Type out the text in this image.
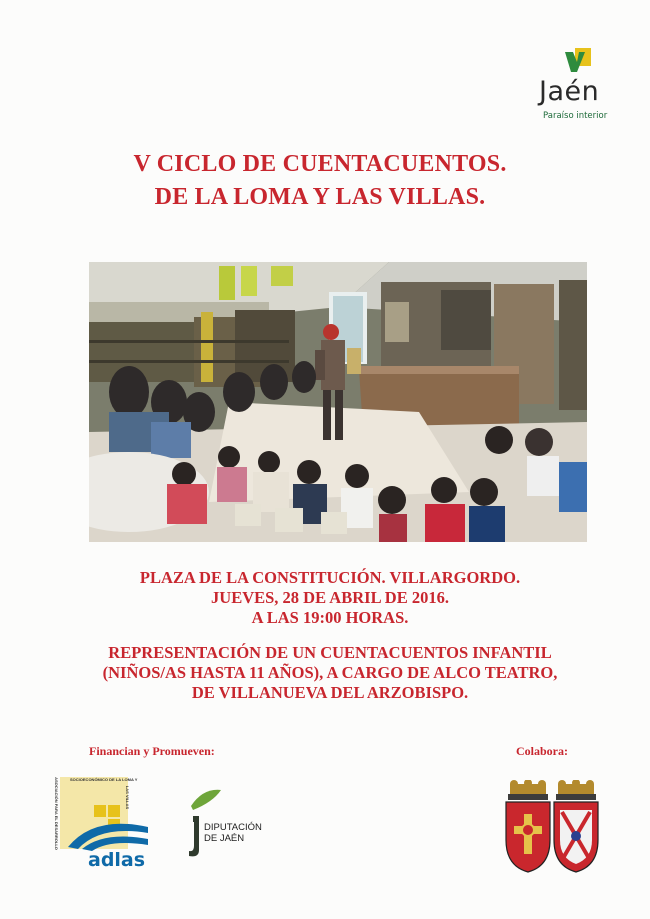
Jaén
Paraíso interior
V CICLO DE CUENTACUENTOS.
DE LA LOMA Y LAS VILLAS.
PLAZA DE LA CONSTITUCIÓN. VILLARGORDO.
JUEVES, 28 DE ABRIL DE 2016.
A LAS 19:00 HORAS.
REPRESENTACIÓN DE UN CUENTACUENTOS INFANTIL
(NIÑOS/AS HASTA 11 AÑOS), A CARGO DE ALCO TEATRO,
DE VILLANUEVA DEL ARZOBISPO.
Financian y Promueven:	Colabora:
ASOCIACIÓN PARA EL DESARROLLO	SOCIOECONÓMICO DE LA LOMA Y
LAS VILLAS
adlas
DIPUTACIÓN
DE JAÉN
